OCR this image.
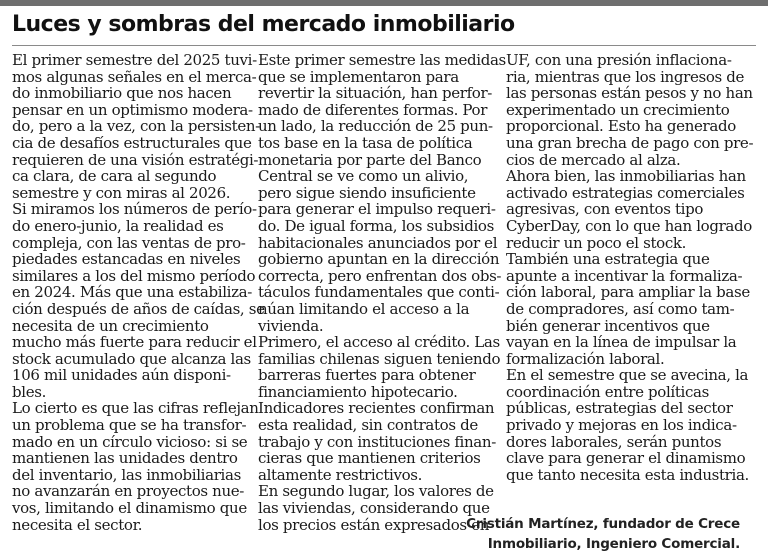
Luces y sombras del mercado inmobiliario

El primer semestre del 2025 tuvi-
mos algunas señales en el merca-
do inmobiliario que nos hacen
pensar en un optimismo modera-
do, pero a la vez, con la persisten-
cia de desafíos estructurales que
requieren de una visión estratégi-
ca clara, de cara al segundo
semestre y con miras al 2026.

Si miramos los números de perío-
do enero-junio, la realidad es
compleja, con las ventas de pro-
piedades estancadas en niveles
similares a los del mismo período
en 2024. Más que una estabiliza-
ción después de años de caídas, se
necesita de un crecimiento
mucho más fuerte para reducir el
stock acumulado que alcanza las
106 mil unidades aún disponi-
bles.

Lo cierto es que las cifras reflejan
un problema que se ha transfor-
mado en un círculo vicioso: si se
mantienen las unidades dentro
del inventario, las inmobiliarias
no avanzarán en proyectos nue-
vos, limitando el dinamismo que
necesita el sector.

Este primer semestre las medidas
que se implementaron para
revertir la situación, han perfor-
mado de diferentes formas. Por
un lado, la reducción de 25 pun-
tos base en la tasa de política
monetaria por parte del Banco
Central se ve como un alivio,
pero sigue siendo insuficiente
para generar el impulso requeri-
do. De igual forma, los subsidios
habitacionales anunciados por el
gobierno apuntan en la dirección
correcta, pero enfrentan dos obs-
táculos fundamentales que conti-
núan limitando el acceso a la
vivienda.

Primero, el acceso al crédito. Las
familias chilenas siguen teniendo
barreras fuertes para obtener
financiamiento hipotecario.
Indicadores recientes confirman
esta realidad, sin contratos de
trabajo y con instituciones finan-
cieras que mantienen criterios
altamente restrictivos.

En segundo lugar, los valores de
las viviendas, considerando que
los precios están expresados en

UF, con una presión inflaciona-
ria, mientras que los ingresos de
las personas están pesos y no han
experimentado un crecimiento
proporcional. Esto ha generado
una gran brecha de pago con pre-
cios de mercado al alza.

Ahora bien, las inmobiliarias han
activado estrategias comerciales
agresivas, con eventos tipo
CyberDay, con lo que han logrado
reducir un poco el stock.

También una estrategia que
apunte a incentivar la formaliza-
ción laboral, para ampliar la base
de compradores, así como tam-
bién generar incentivos que
vayan en la línea de impulsar la
formalización laboral.

En el semestre que se avecina, la
coordinación entre políticas
públicas, estrategias del sector
privado y mejoras en los indica-
dores laborales, serán puntos
clave para generar el dinamismo
que tanto necesita esta industria.

Cristián Martínez, fundador de Crece
Inmobiliario, Ingeniero Comercial.
